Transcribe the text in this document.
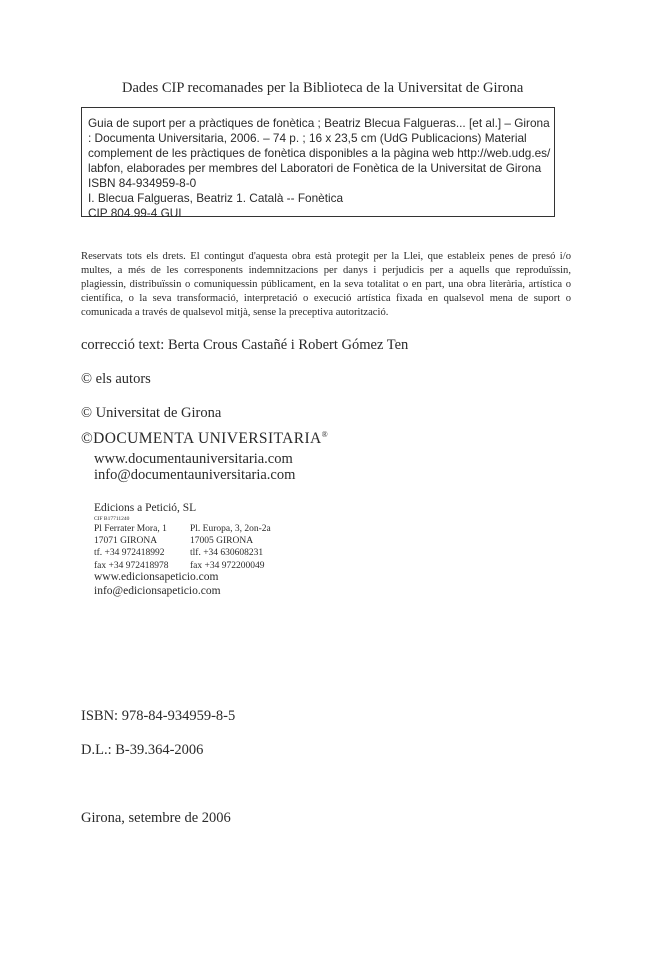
Dades CIP recomanades per la Biblioteca de la Universitat de Girona
Guia de suport per a pràctiques de fonètica ; Beatriz Blecua Falgueras... [et al.] – Girona
: Documenta Universitaria, 2006. – 74 p. ; 16 x 23,5 cm (UdG Publicacions) Material
complement de les pràctiques de fonètica disponibles a la pàgina web http://web.udg.es/
labfon, elaborades per membres del Laboratori de Fonètica de la Universitat de Girona
ISBN 84-934959-8-0
I. Blecua Falgueras, Beatriz 1. Català -- Fonètica
CIP 804.99-4 GUI
Reservats tots els drets. El contingut d'aquesta obra està protegit per la Llei, que estableix penes de presó i/o multes, a més de les corresponents indemnitzacions per danys i perjudicis per a aquells que reproduïssin, plagiessin, distribuïssin o comuniquessin públicament, en la seva totalitat o en part, una obra literària, artística o científica, o la seva transformació, interpretació o execució artística fixada en qualsevol mena de suport o comunicada a través de qualsevol mitjà, sense la preceptiva autorització.
correcció text: Berta Crous Castañé i Robert Gómez Ten
© els autors
© Universitat de Girona
©DOCUMENTA UNIVERSITARIA®
www.documentauniversitaria.com
info@documentauniversitaria.com
Edicions a Petició, SL
CIF B17711240
Pl Ferrater Mora, 1
17071 GIRONA
tf. +34 972418992
fax +34 972418978
Pl. Europa, 3, 2on-2a
17005 GIRONA
tlf. +34 630608231
fax +34 972200049
www.edicionsapeticio.com
info@edicionsapeticio.com
ISBN: 978-84-934959-8-5
D.L.: B-39.364-2006
Girona, setembre de 2006
